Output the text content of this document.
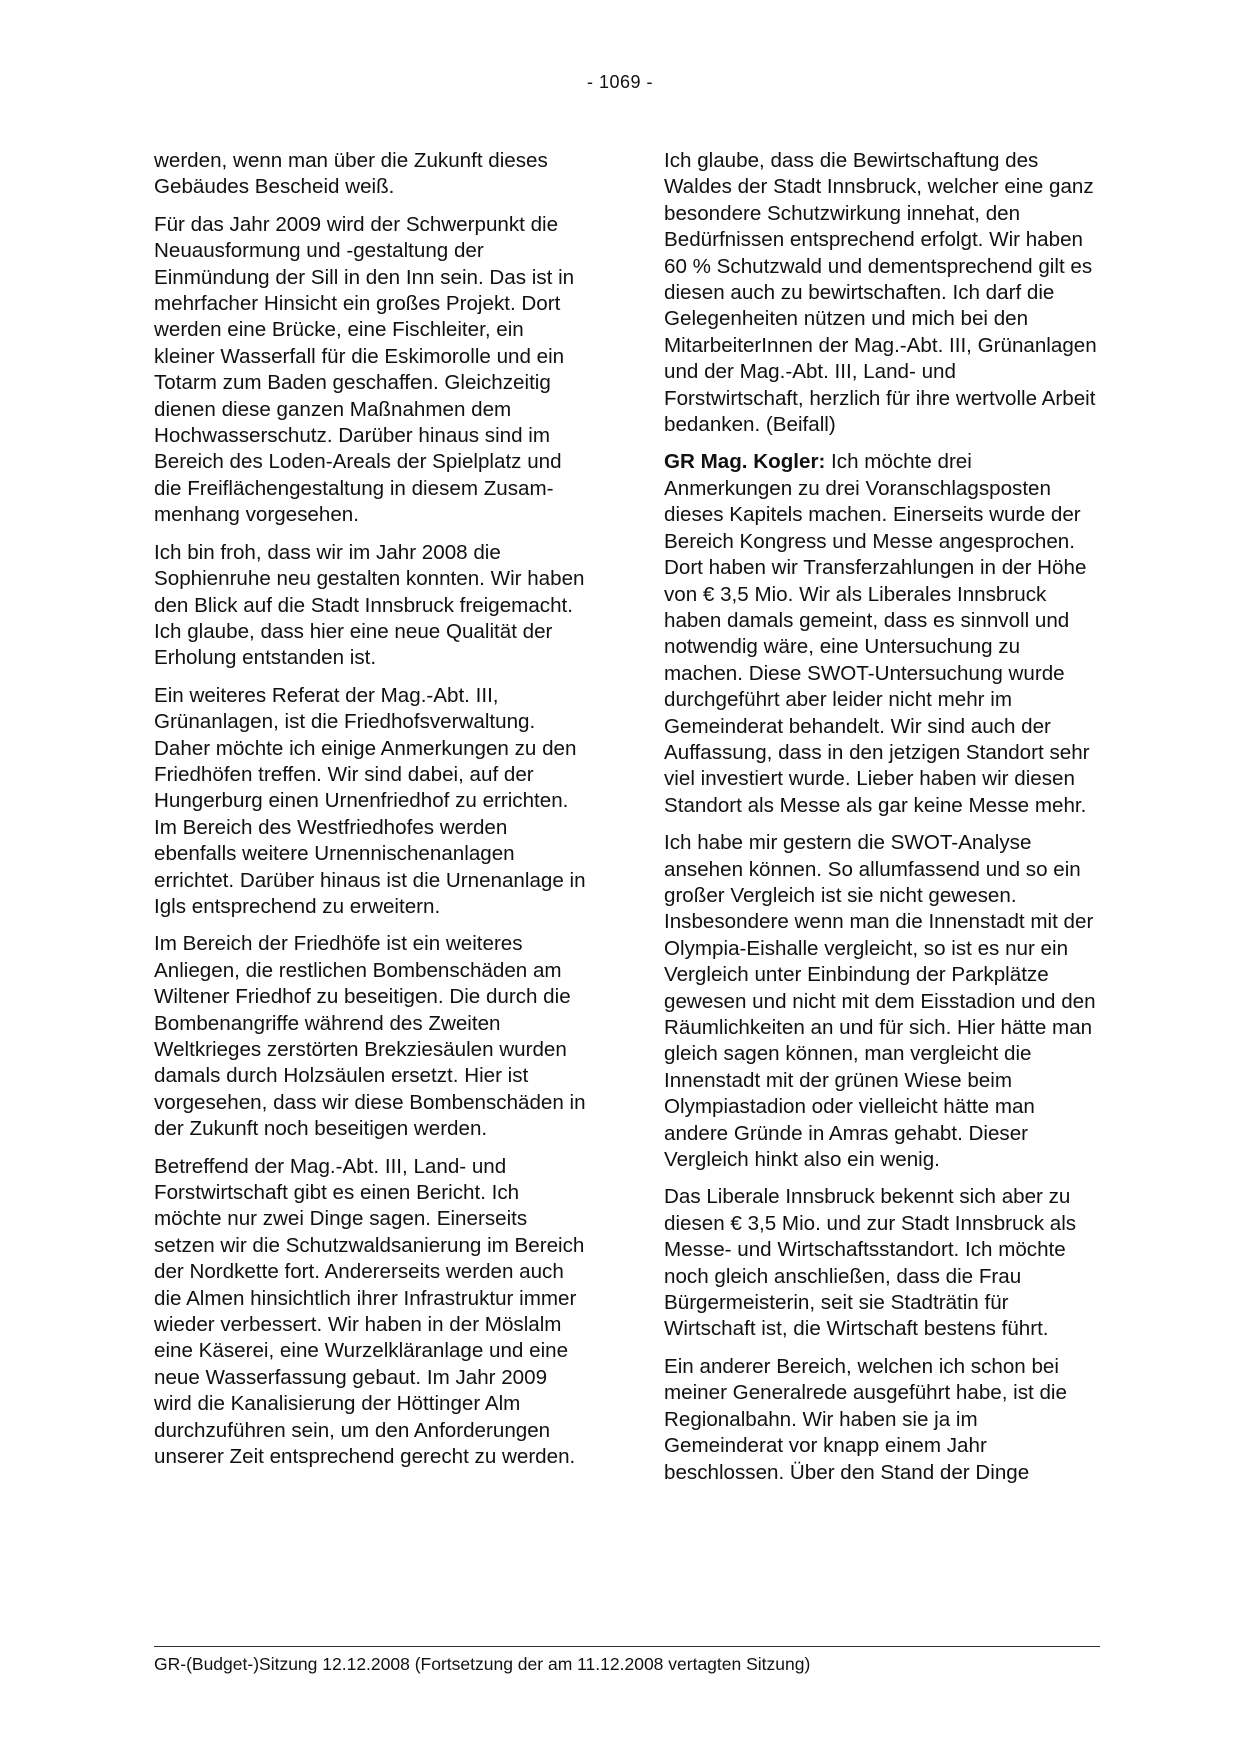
- 1069 -

werden, wenn man über die Zukunft dieses Gebäudes Bescheid weiß.

Für das Jahr 2009 wird der Schwerpunkt die Neuausformung und -gestaltung der Einmündung der Sill in den Inn sein. Das ist in mehrfacher Hinsicht ein großes Projekt. Dort werden eine Brücke, eine Fischleiter, ein kleiner Wasserfall für die Eskimorolle und ein Totarm zum Baden geschaffen. Gleichzeitig dienen diese ganzen Maßnahmen dem Hochwasserschutz. Darüber hinaus sind im Bereich des Loden-Areals der Spielplatz und die Freiflächengestaltung in diesem Zusammenhang vorgesehen.

Ich bin froh, dass wir im Jahr 2008 die Sophienruhe neu gestalten konnten. Wir haben den Blick auf die Stadt Innsbruck freigemacht. Ich glaube, dass hier eine neue Qualität der Erholung entstanden ist.

Ein weiteres Referat der Mag.-Abt. III, Grünanlagen, ist die Friedhofsverwaltung. Daher möchte ich einige Anmerkungen zu den Friedhöfen treffen. Wir sind dabei, auf der Hungerburg einen Urnenfriedhof zu errichten. Im Bereich des Westfriedhofes werden ebenfalls weitere Urnennischenanlagen errichtet. Darüber hinaus ist die Urnenanlage in Igls entsprechend zu erweitern.

Im Bereich der Friedhöfe ist ein weiteres Anliegen, die restlichen Bombenschäden am Wiltener Friedhof zu beseitigen. Die durch die Bombenangriffe während des Zweiten Weltkrieges zerstörten Brekziesäulen wurden damals durch Holzsäulen ersetzt. Hier ist vorgesehen, dass wir diese Bombenschäden in der Zukunft noch beseitigen werden.

Betreffend der Mag.-Abt. III, Land- und Forstwirtschaft gibt es einen Bericht. Ich möchte nur zwei Dinge sagen. Einerseits setzen wir die Schutzwaldsanierung im Bereich der Nordkette fort. Andererseits werden auch die Almen hinsichtlich ihrer Infrastruktur immer wieder verbessert. Wir haben in der Möslalm eine Käserei, eine Wurzelkläranlage und eine neue Wasserfassung gebaut. Im Jahr 2009 wird die Kanalisierung der Höttinger Alm durchzuführen sein, um den Anforderungen unserer Zeit entsprechend gerecht zu werden.

Ich glaube, dass die Bewirtschaftung des Waldes der Stadt Innsbruck, welcher eine ganz besondere Schutzwirkung innehat, den Bedürfnissen entsprechend erfolgt. Wir haben 60 % Schutzwald und dementsprechend gilt es diesen auch zu bewirtschaften. Ich darf die Gelegenheiten nützen und mich bei den MitarbeiterInnen der Mag.-Abt. III, Grünanlagen und der Mag.-Abt. III, Land- und Forstwirtschaft, herzlich für ihre wertvolle Arbeit bedanken. (Beifall)

GR Mag. Kogler: Ich möchte drei Anmerkungen zu drei Voranschlagsposten dieses Kapitels machen. Einerseits wurde der Bereich Kongress und Messe angesprochen. Dort haben wir Transferzahlungen in der Höhe von € 3,5 Mio. Wir als Liberales Innsbruck haben damals gemeint, dass es sinnvoll und notwendig wäre, eine Untersuchung zu machen. Diese SWOT-Untersuchung wurde durchgeführt aber leider nicht mehr im Gemeinderat behandelt. Wir sind auch der Auffassung, dass in den jetzigen Standort sehr viel investiert wurde. Lieber haben wir diesen Standort als Messe als gar keine Messe mehr.

Ich habe mir gestern die SWOT-Analyse ansehen können. So allumfassend und so ein großer Vergleich ist sie nicht gewesen. Insbesondere wenn man die Innenstadt mit der Olympia-Eishalle vergleicht, so ist es nur ein Vergleich unter Einbindung der Parkplätze gewesen und nicht mit dem Eisstadion und den Räumlichkeiten an und für sich. Hier hätte man gleich sagen können, man vergleicht die Innenstadt mit der grünen Wiese beim Olympiastadion oder vielleicht hätte man andere Gründe in Amras gehabt. Dieser Vergleich hinkt also ein wenig.

Das Liberale Innsbruck bekennt sich aber zu diesen € 3,5 Mio. und zur Stadt Innsbruck als Messe- und Wirtschaftsstandort. Ich möchte noch gleich anschließen, dass die Frau Bürgermeisterin, seit sie Stadträtin für Wirtschaft ist, die Wirtschaft bestens führt.

Ein anderer Bereich, welchen ich schon bei meiner Generalrede ausgeführt habe, ist die Regionalbahn. Wir haben sie ja im Gemeinderat vor knapp einem Jahr beschlossen. Über den Stand der Dinge

GR-(Budget-)Sitzung 12.12.2008 (Fortsetzung der am 11.12.2008 vertagten Sitzung)
